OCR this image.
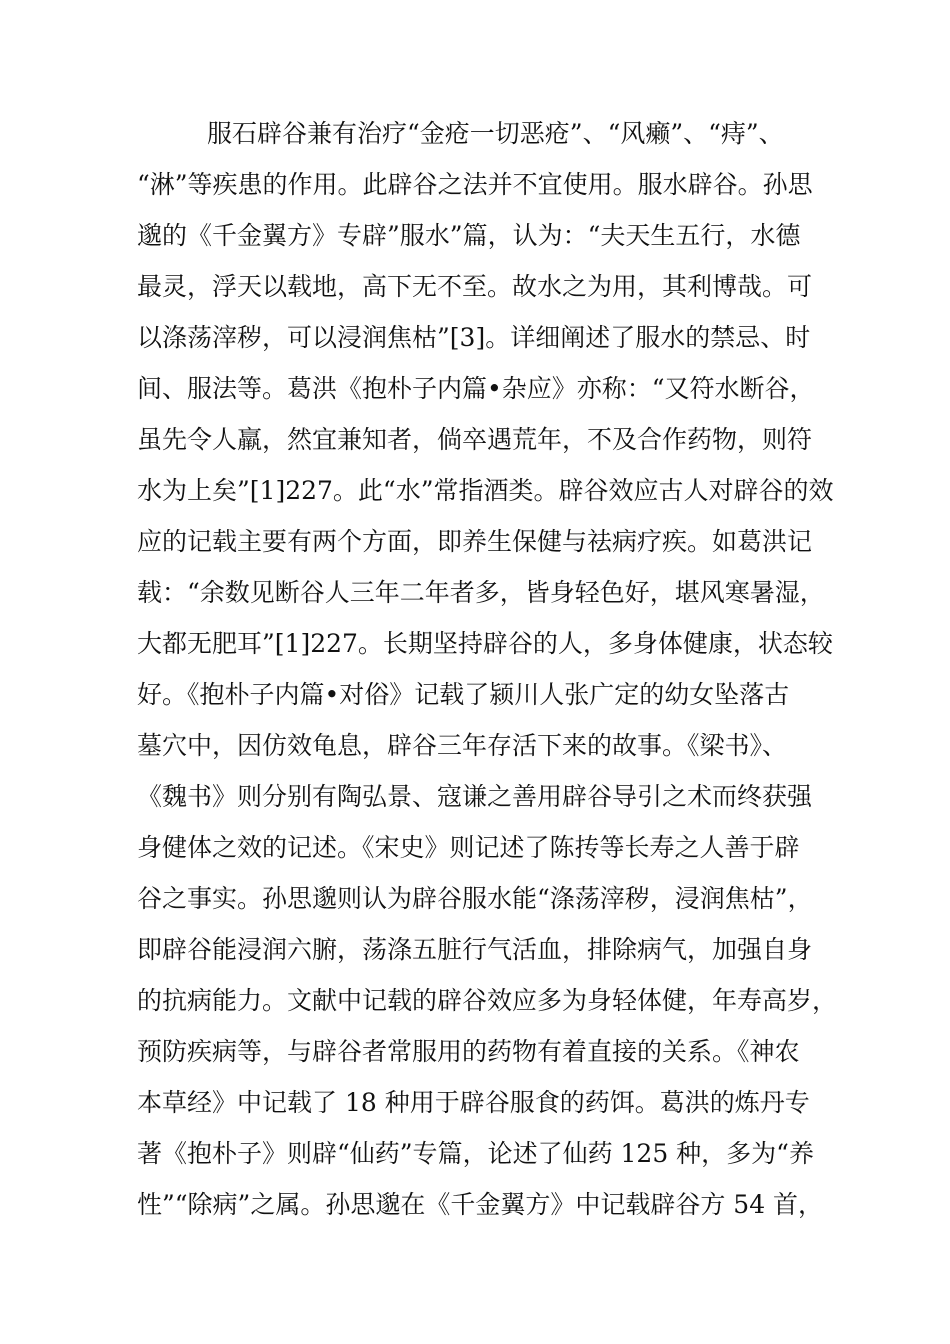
服石辟谷兼有治疗“金疮一切恶疮”、“风癞”、“痔”、
“淋”等疾患的作用。此辟谷之法并不宜使用。服水辟谷。孙思
邈的《千金翼方》专辟”服水”篇，认为：“夫天生五行，水德
最灵，浮天以载地，高下无不至。故水之为用，其利博哉。可
以涤荡滓秽，可以浸润焦枯”[3]。详细阐述了服水的禁忌、时
间、服法等。葛洪《抱朴子内篇•杂应》亦称：“又符水断谷，
虽先令人羸，然宜兼知者，倘卒遇荒年，不及合作药物，则符
水为上矣”[1]227。此“水”常指酒类。辟谷效应古人对辟谷的效
应的记载主要有两个方面，即养生保健与祛病疗疾。如葛洪记
载：“余数见断谷人三年二年者多，皆身轻色好，堪风寒暑湿，
大都无肥耳”[1]227。长期坚持辟谷的人，多身体健康，状态较
好。《抱朴子内篇•对俗》记载了颍川人张广定的幼女坠落古
墓穴中，因仿效龟息，辟谷三年存活下来的故事。《梁书》、
《魏书》则分别有陶弘景、寇谦之善用辟谷导引之术而终获强
身健体之效的记述。《宋史》则记述了陈抟等长寿之人善于辟
谷之事实。孙思邈则认为辟谷服水能“涤荡滓秽，浸润焦枯”，
即辟谷能浸润六腑，荡涤五脏行气活血，排除病气，加强自身
的抗病能力。文献中记载的辟谷效应多为身轻体健，年寿高岁，
预防疾病等，与辟谷者常服用的药物有着直接的关系。《神农
本草经》中记载了 18 种用于辟谷服食的药饵。葛洪的炼丹专
著《抱朴子》则辟“仙药”专篇，论述了仙药 125 种，多为“养
性”“除病”之属。孙思邈在《千金翼方》中记载辟谷方 54 首，
